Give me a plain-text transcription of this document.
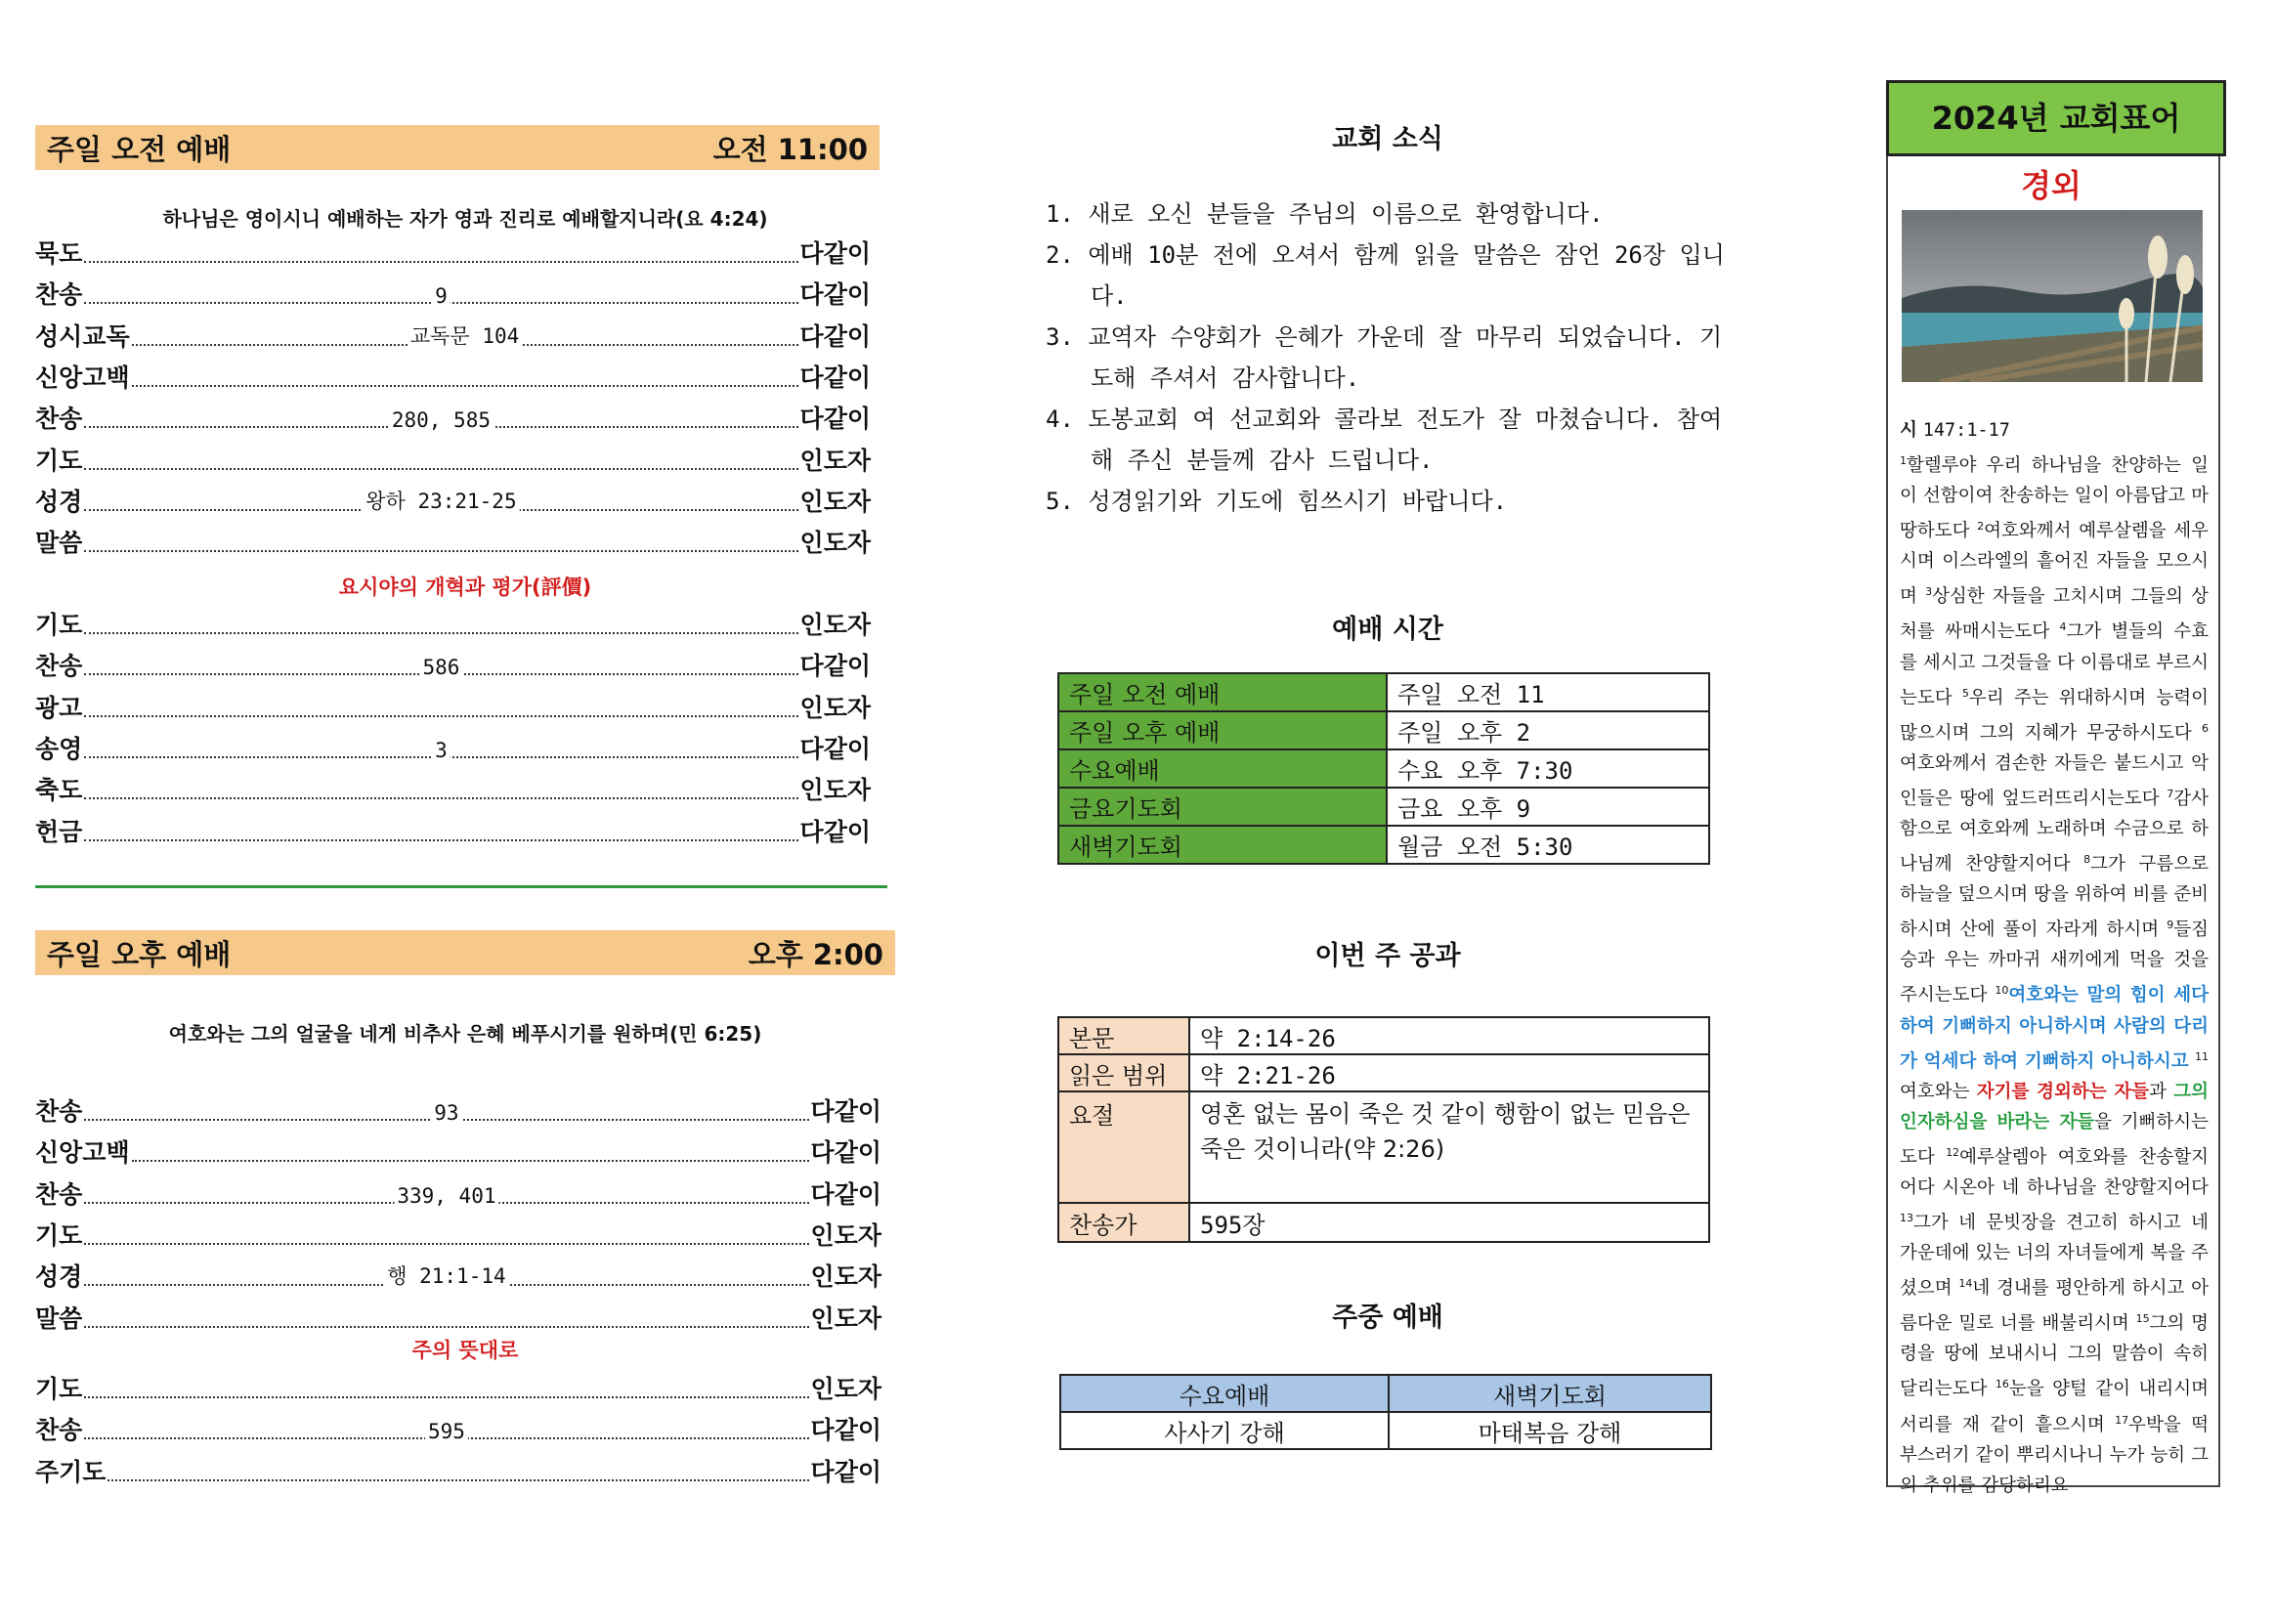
주일 오전 예배	오전 11:00
하나님은 영이시니 예배하는 자가 영과 진리로 예배할지니라(요 4:24)
묵도	다같이
찬송	9	다같이
성시교독	교독문 104	다같이
신앙고백	다같이
찬송	280, 585	다같이
기도	인도자
성경	왕하 23:21-25	인도자
말씀	인도자
요시야의 개혁과 평가(評價)
기도	인도자
찬송	586	다같이
광고	인도자
송영	3	다같이
축도	인도자
헌금	다같이
주일 오후 예배	오후 2:00
여호와는 그의 얼굴을 네게 비추사 은혜 베푸시기를 원하며(민 6:25)
찬송	93	다같이
신앙고백	다같이
찬송	339, 401	다같이
기도	인도자
성경	행 21:1-14	인도자
말씀	인도자
주의 뜻대로
기도	인도자
찬송	595	다같이
주기도	다같이
교회 소식
1. 새로 오신 분들을 주님의 이름으로 환영합니다.
2. 예배 10분 전에 오셔서 함께 읽을 말씀은 잠언 26장 입니다.
3. 교역자 수양회가 은혜가 가운데 잘 마무리 되었습니다. 기도해 주셔서 감사합니다.
4. 도봉교회 여 선교회와 콜라보 전도가 잘 마쳤습니다. 참여해 주신 분들께 감사 드립니다.
5. 성경읽기와 기도에 힘쓰시기 바랍니다.
예배 시간
주일 오전 예배	주일 오전 11
주일 오후 예배	주일 오후 2
수요예배	수요 오후 7:30
금요기도회	금요 오후 9
새벽기도회	월금 오전 5:30
이번 주 공과
본문	약 2:14-26
읽은 범위	약 2:21-26
요절	영혼 없는 몸이 죽은 것 같이 행함이 없는 믿음은 죽은 것이니라(약 2:26)
찬송가	595장
주중 예배
수요예배	새벽기도회
사사기 강해	마태복음 강해
2024년 교회표어
경외

시 147:1-17
$^1$할렐루야 우리 하나님을 찬양하는 일이 선함이여 찬송하는 일이 아름답고 마땅하도다 $^2$여호와께서 예루살렘을 세우시며 이스라엘의 흩어진 자들을 모으시며 $^3$상심한 자들을 고치시며 그들의 상처를 싸매시는도다 $^4$그가 별들의 수효를 세시고 그것들을 다 이름대로 부르시는도다 $^5$우리 주는 위대하시며 능력이 많으시며 그의 지혜가 무궁하시도다 $^6$여호와께서 겸손한 자들은 붙드시고 악인들은 땅에 엎드러뜨리시는도다 $^7$감사함으로 여호와께 노래하며 수금으로 하나님께 찬양할지어다 $^8$그가 구름으로 하늘을 덮으시며 땅을 위하여 비를 준비하시며 산에 풀이 자라게 하시며 $^9$들짐승과 우는 까마귀 새끼에게 먹을 것을 주시는도다 $^{10}$여호와는 말의 힘이 세다 하여 기뻐하지 아니하시며 사람의 다리가 억세다 하여 기뻐하지 아니하시고 $^{11}$여호와는 자기를 경외하는 자들과 그의 인자하심을 바라는 자들을 기뻐하시는도다 $^{12}$예루살렘아 여호와를 찬송할지어다 시온아 네 하나님을 찬양할지어다 $^{13}$그가 네 문빗장을 견고히 하시고 네 가운데에 있는 너의 자녀들에게 복을 주셨으며 $^{14}$네 경내를 평안하게 하시고 아름다운 밀로 너를 배불리시며 $^{15}$그의 명령을 땅에 보내시니 그의 말씀이 속히 달리는도다 $^{16}$눈을 양털 같이 내리시며 서리를 재 같이 흩으시며 $^{17}$우박을 떡 부스러기 같이 뿌리시나니 누가 능히 그의 추위를 감당하리요
